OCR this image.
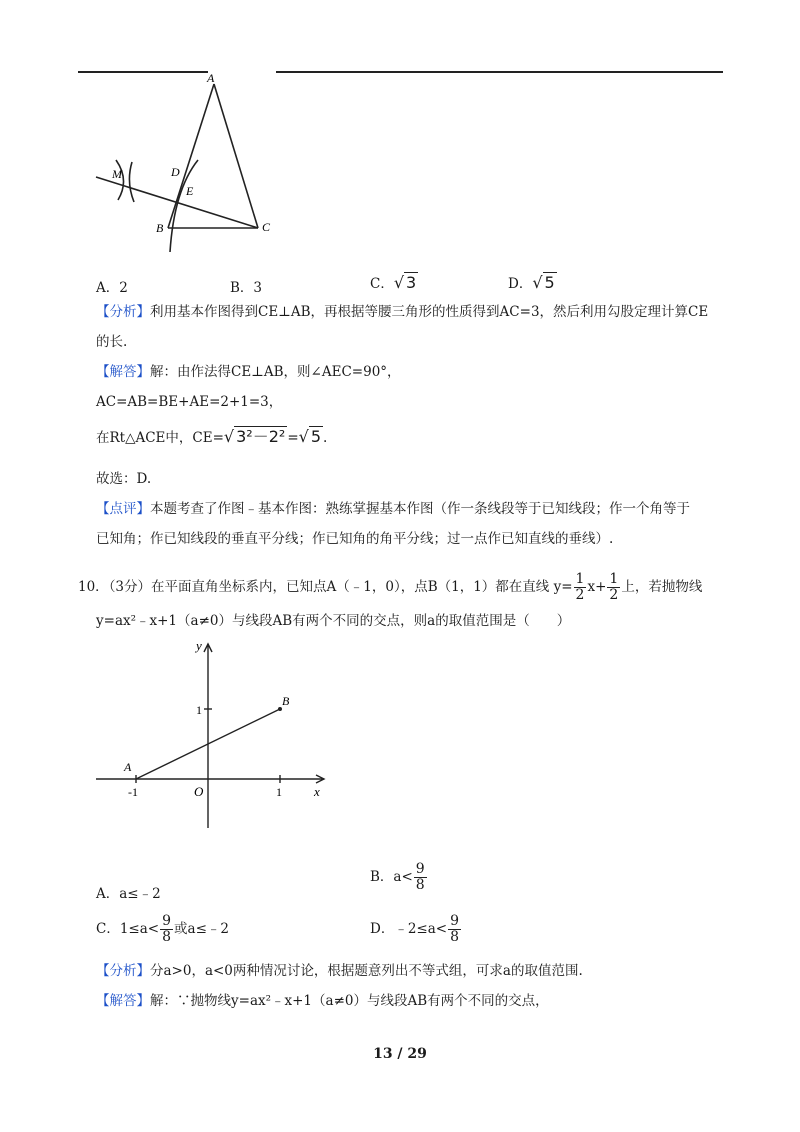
A
B	C
D
E
M
A．2	B．3	C．√ 3	D．√ 5
【分析】利用基本作图得到CE⊥AB，再根据等腰三角形的性质得到AC=3，然后利用勾股定理计算CE
的长.
【解答】解：由作法得CE⊥AB，则∠AEC=90°，
AC=AB=BE+AE=2+1=3，
在Rt△ACE中，CE=√ 3²－2² =√ 5 .
故选：D.
【点评】本题考查了作图﹣基本作图：熟练掌握基本作图（作一条线段等于已知线段；作一个角等于
已知角；作已知线段的垂直平分线；作已知角的角平分线；过一点作已知直线的垂线）.
10．（3分）在平面直角坐标系内，已知点A（﹣1，0），点B（1，1）都在直线 $y= \frac{1}{2} x+ \frac{1}{2}$ 上，若抛物线
y=ax²﹣x+1（a≠0）与线段AB有两个不同的交点，则a的取值范围是（　　）
y
x
O
1
-1	1
A
B
A．a≤﹣2
B．$a< \frac{9}{8}$
C．$1\le a< \frac{9}{8}$ 或a≤﹣2	D．﹣2≤a< $\frac{9}{8}$
【分析】分a>0，a<0两种情况讨论，根据题意列出不等式组，可求a的取值范围.
【解答】解：∵抛物线y=ax²﹣x+1（a≠0）与线段AB有两个不同的交点，
13 / 29
